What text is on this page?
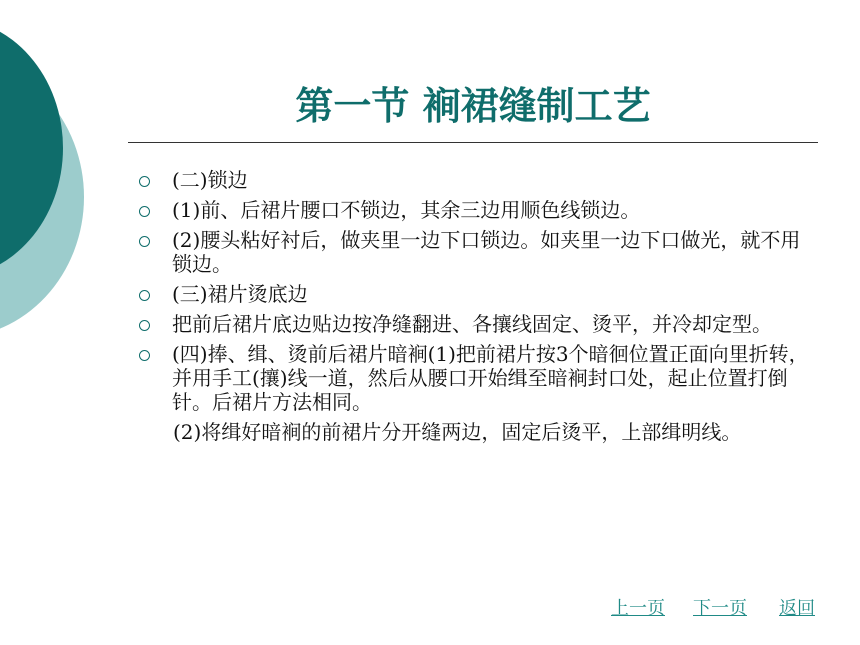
第一节 裥裙缝制工艺
(二)锁边
(1)前、后裙片腰口不锁边，其余三边用顺色线锁边。
(2)腰头粘好衬后，做夹里一边下口锁边。如夹里一边下口做光，就不用锁边。
(三)裙片烫底边
把前后裙片底边贴边按净缝翻进、各攘线固定、烫平，并冷却定型。
(四)捧、缉、烫前后裙片暗裥(1)把前裙片按3个暗徊位置正面向里折转，并用手工(攘)线一道，然后从腰口开始缉至暗裥封口处，起止位置打倒针。后裙片方法相同。
(2)将缉好暗裥的前裙片分开缝两边，固定后烫平，上部缉明线。
上一页 下一页 返回
